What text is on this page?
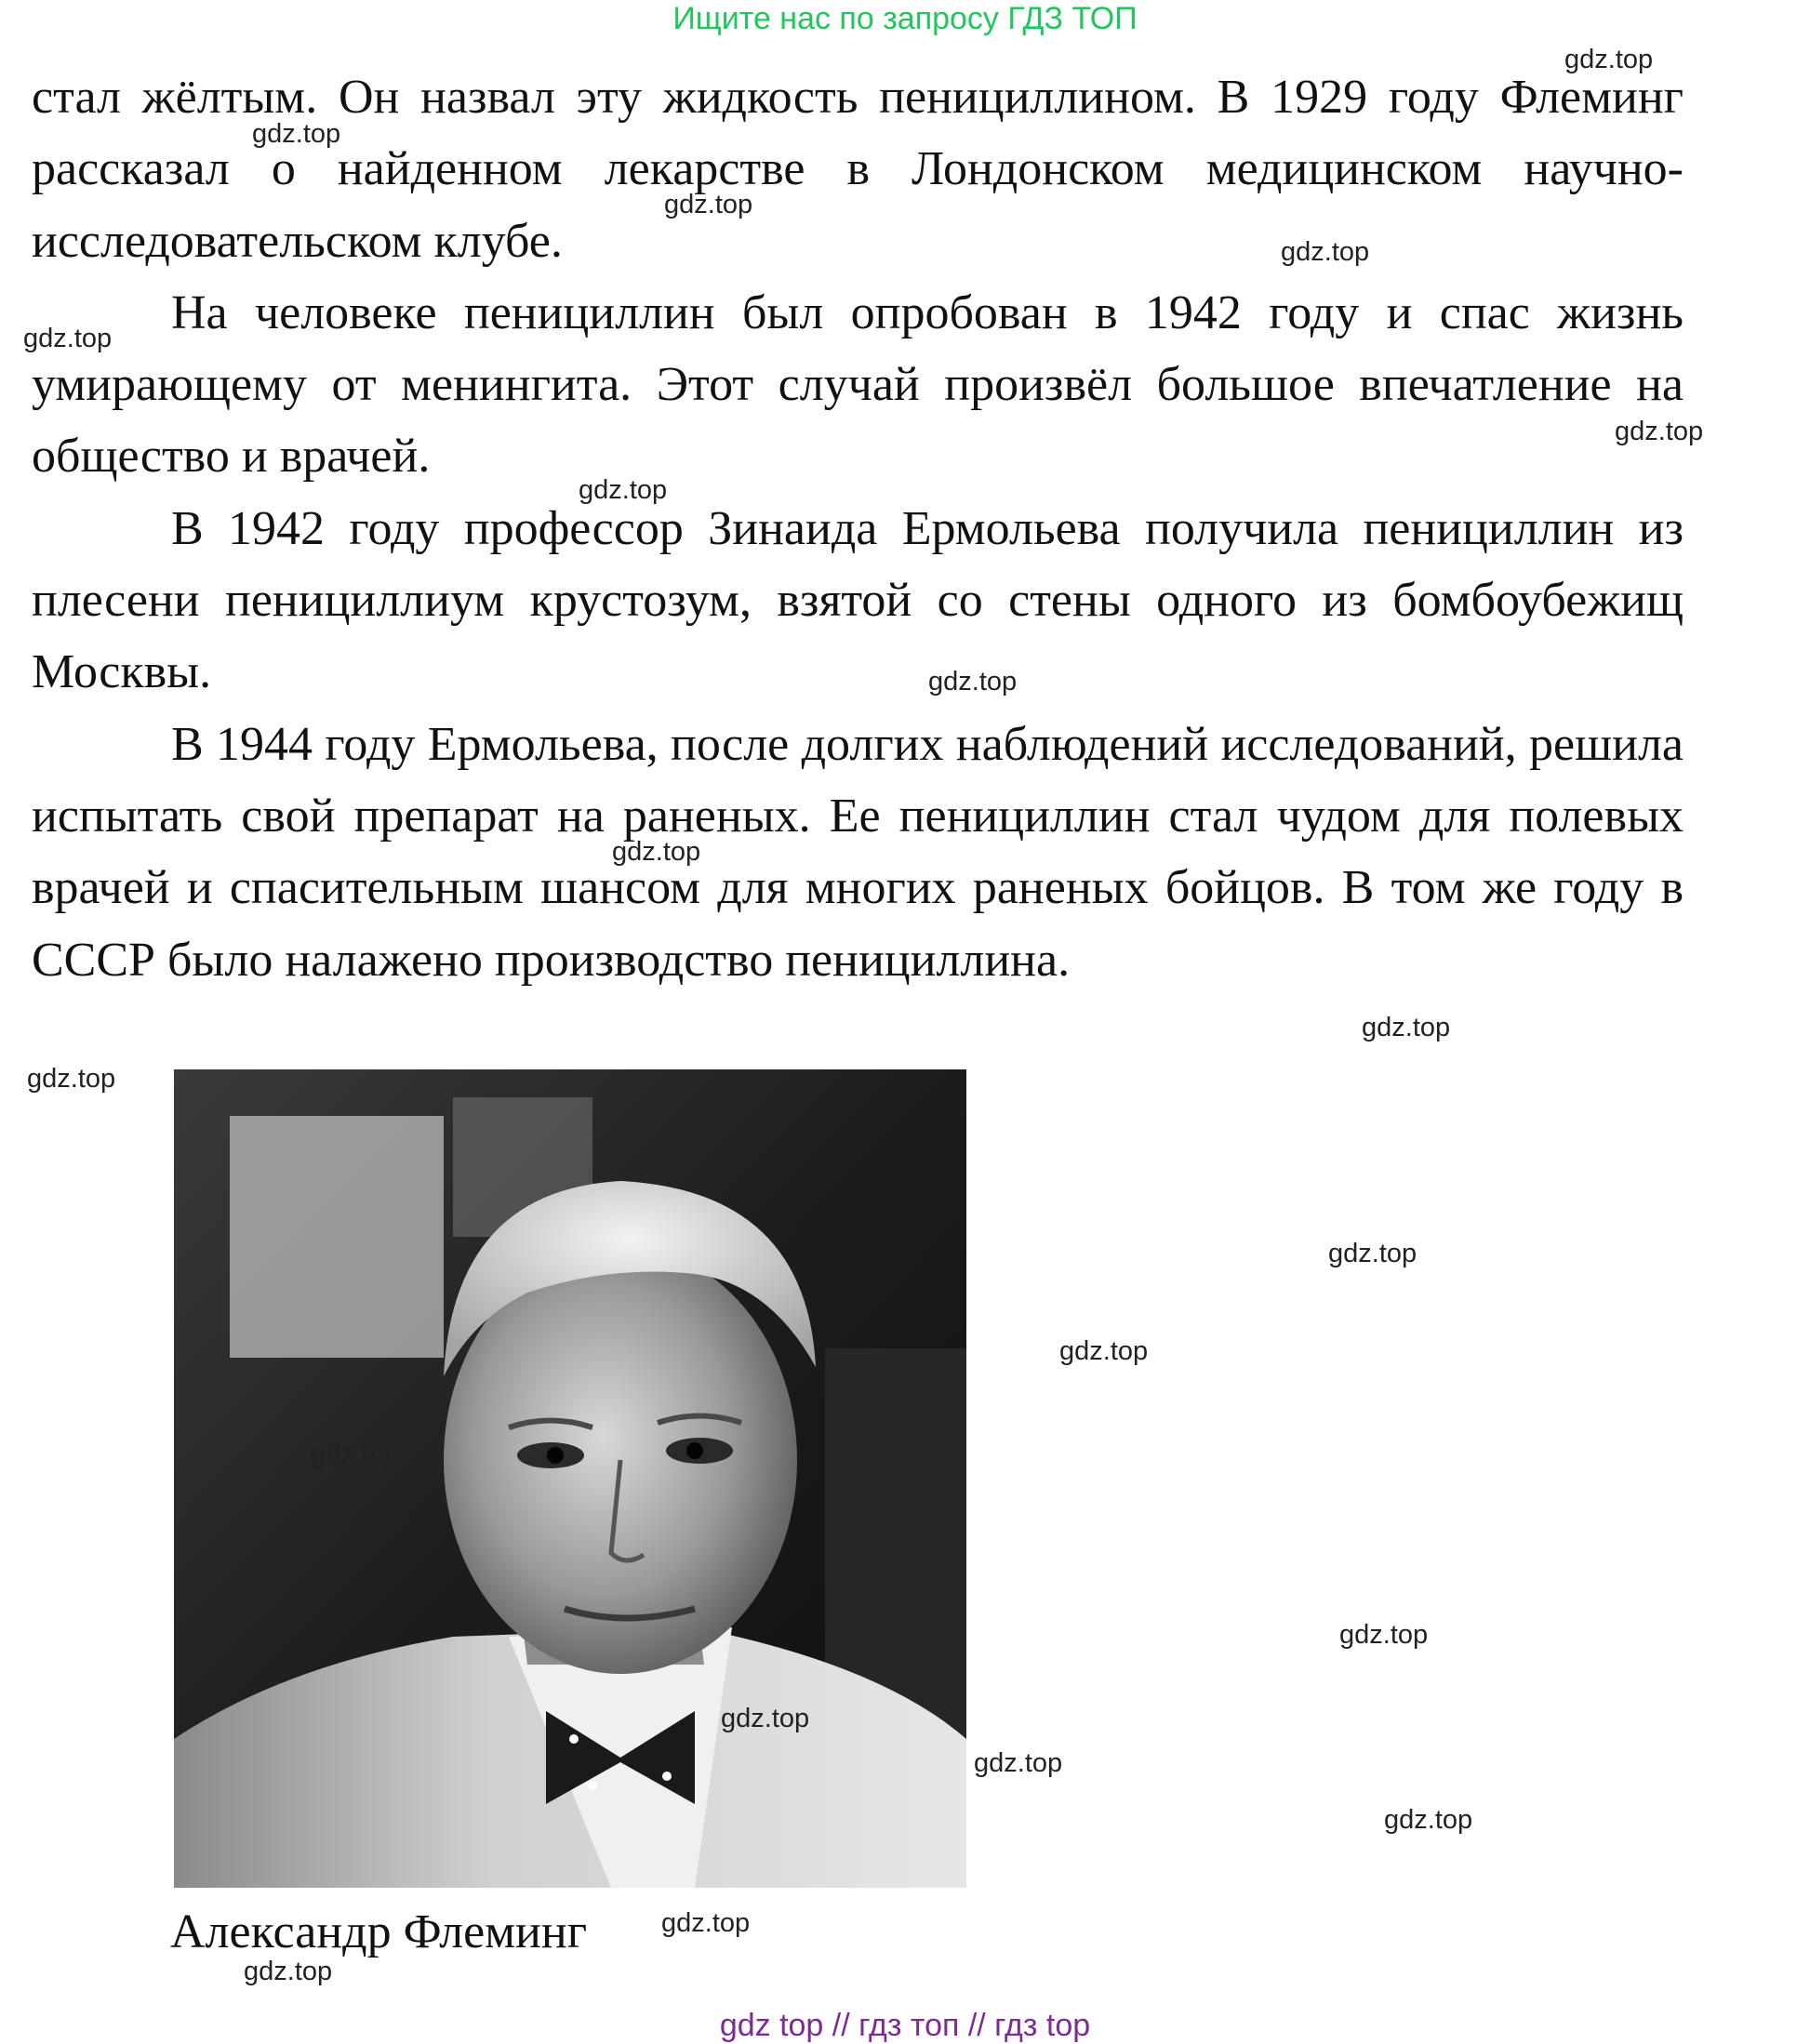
Ищите нас по запросу ГДЗ ТОП

стал жёлтым. Он назвал эту жидкость пенициллином. В 1929 году Флеминг рассказал о найденном лекарстве в Лондонском медицинском научно-исследовательском клубе.

На человеке пенициллин был опробован в 1942 году и спас жизнь умирающему от менингита. Этот случай произвёл большое впечатление на общество и врачей.

В 1942 году профессор Зинаида Ермольева получила пенициллин из плесени пенициллиум крустозум, взятой со стены одного из бомбоубежищ Москвы.

В 1944 году Ермольева, после долгих наблюдений исследований, решила испытать свой препарат на раненых. Ее пенициллин стал чудом для полевых врачей и спасительным шансом для многих раненых бойцов. В том же году в СССР было налажено производство пенициллина.

Александр Флеминг
gdz.top
gdz.top
gdz.top
gdz.top
gdz.top
gdz.top
gdz.top
gdz.top
gdz.top
gdz.top
gdz.top
gdz.top
gdz.top
gdz.top
gdz.top
gdz.top
gdz.top
gdz.top
gdz.top
gdz.top
gdz top // гдз топ // гдз top
